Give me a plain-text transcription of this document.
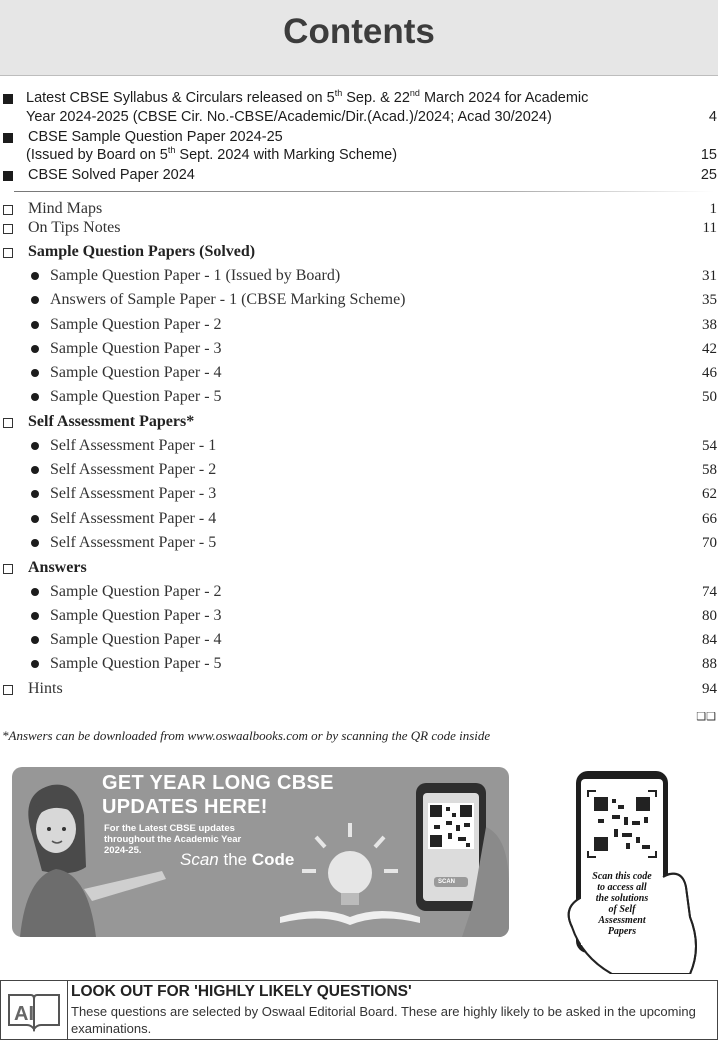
Contents
Latest CBSE Syllabus & Circulars released on 5th Sep. & 22nd March 2024 for Academic
Year 2024-2025 (CBSE Cir. No.-CBSE/Academic/Dir.(Acad.)/2024; Acad 30/2024)	4
CBSE Sample Question Paper 2024-25
(Issued by Board on 5th Sept. 2024 with Marking Scheme)	15
CBSE Solved Paper 2024	25
Mind Maps	1
On Tips Notes	11
Sample Question Papers (Solved)
Sample Question Paper - 1 (Issued by Board)	31
Answers of Sample Paper - 1 (CBSE Marking Scheme)	35
Sample Question Paper - 2	38
Sample Question Paper - 3	42
Sample Question Paper - 4	46
Sample Question Paper - 5	50
Self Assessment Papers*
Self Assessment Paper - 1	54
Self Assessment Paper - 2	58
Self Assessment Paper - 3	62
Self Assessment Paper - 4	66
Self Assessment Paper - 5	70
Answers
Sample Question Paper - 2	74
Sample Question Paper - 3	80
Sample Question Paper - 4	84
Sample Question Paper - 5	88
Hints	94
❑❑
*Answers can be downloaded from www.oswaalbooks.com or by scanning the QR code inside
GET YEAR LONG CBSE
UPDATES HERE!
For the Latest CBSE updates
throughout the Academic Year
2024-25.	Scan the Code
SCAN	Scan this code
to access all
the solutions
of Self
Assessment
Papers
AI
LOOK OUT FOR 'HIGHLY LIKELY QUESTIONS'
These questions are selected by Oswaal Editorial Board. These are highly likely to be asked in the upcoming examinations.
